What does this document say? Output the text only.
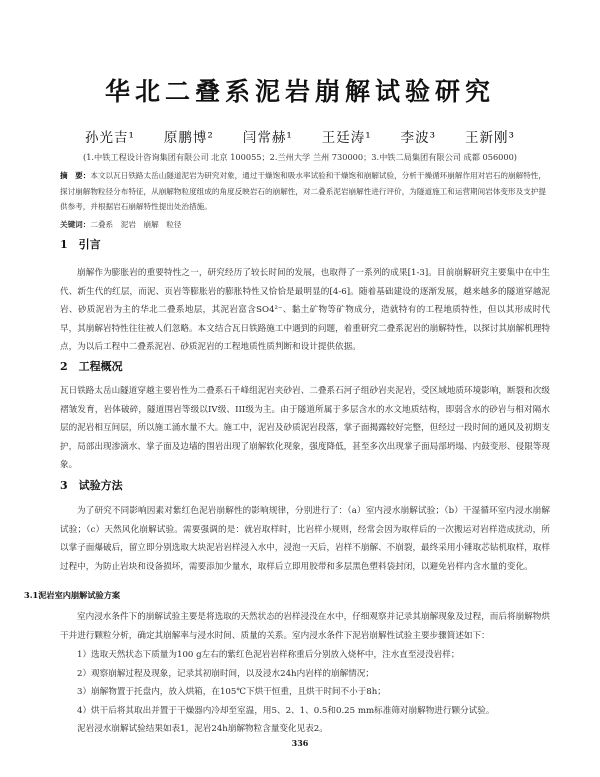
华北二叠系泥岩崩解试验研究
孙光吉¹　　原鹏博²　　闫常赫¹　　王廷涛¹　　李波³　　王新刚³
(1.中铁工程设计咨询集团有限公司 北京 100055；2.兰州大学 兰州 730000；3.中铁二局集团有限公司 成都 056000)
摘　要：本文以瓦日铁路太岳山隧道泥岩为研究对象，通过干燥饱和吸水率试验和干燥饱和崩解试验，分析干燥循环崩解作用对岩石的崩解特性，探讨崩解物粒径分布特征，从崩解物粒度组成的角度反映岩石的崩解性，对二叠系泥岩崩解性进行评价，为隧道施工和运营期间岩体变形及支护提供参考，并根据岩石崩解特性提出处治措施。
关键词：二叠系　泥岩　崩解　粒径
1　引言
崩解作为膨胀岩的重要特性之一，研究经历了较长时间的发展，也取得了一系列的成果[1-3]。目前崩解研究主要集中在中生代、新生代的红层，而泥、页岩等膨胀岩的膨胀特性又恰恰是最明显的[4-6]。随着基础建设的逐渐发展，越来越多的隧道穿越泥岩、砂质泥岩为主的华北二叠系地层，其泥岩富含SO4²⁻、黏土矿物等矿物成分，造就特有的工程地质特性，但以其形成时代早，其崩解岩特性往往被人们忽略。本文结合瓦日铁路施工中遇到的问题，着重研究二叠系泥岩的崩解特性，以探讨其崩解机理特点，为以后工程中二叠系泥岩、砂质泥岩的工程地质性质判断和设计提供依据。
2　工程概况
瓦日铁路太岳山隧道穿越主要岩性为二叠系石千峰组泥岩夹砂岩、二叠系石河子组砂岩夹泥岩，受区域地质环境影响，断裂和次级褶皱发育，岩体破碎，隧道围岩等级以IV级、III级为主。由于隧道所属于多层含水的水文地质结构，即弱含水的砂岩与相对隔水层的泥岩相互间层，所以施工涌水量不大。施工中，泥岩及砂质泥岩段落，掌子面揭露较好完整，但经过一段时间的通风及初期支护，局部出现渗滴水、掌子面及边墙的围岩出现了崩解软化现象，强度降低，甚至多次出现掌子面局部坍塌、内鼓变形、侵限等现象。
3　试验方法
为了研究不同影响因素对紫红色泥岩崩解性的影响规律，分别进行了：（a）室内浸水崩解试验；（b）干湿循环室内浸水崩解试验；（c）天然风化崩解试验。需要强调的是：就岩取样时，比岩样小规则，经常会因为取样后的一次搬运对岩样造成扰动，所以掌子面爆破后，留立即分别选取大块泥岩岩样浸入水中，浸泡一天后，岩样不崩解、不崩裂，最终采用小锤取芯钻机取样，取样过程中，为防止岩块和设备损坏，需要添加少量水，取样后立即用胶带和多层黑色塑料袋封闭，以避免岩样内含水量的变化。
3.1泥岩室内崩解试验方案
室内浸水条件下的崩解试验主要是将选取的天然状态的岩样浸没在水中，仔细观察并记录其崩解现象及过程，而后将崩解物烘干并进行颗粒分析，确定其崩解率与浸水时间、质量的关系。室内浸水条件下泥岩崩解性试验主要步骤简述如下：
1）选取天然状态下质量为100 g左右的紫红色泥岩岩样称重后分别放入烧杯中，注水直至浸没岩样；
2）观察崩解过程及现象，记录其初崩时间，以及浸水24h内岩样的崩解情况；
3）崩解物置于托盘内，放入烘箱，在105℃下烘干恒重，且烘干时间不小于8h；
4）烘干后将其取出并置于干燥器内冷却至室温，用5、2、1、0.5和0.25 mm标准筛对崩解物进行颗分试验。
泥岩浸水崩解试验结果如表1，泥岩24h崩解物粒含量变化见表2。
336
